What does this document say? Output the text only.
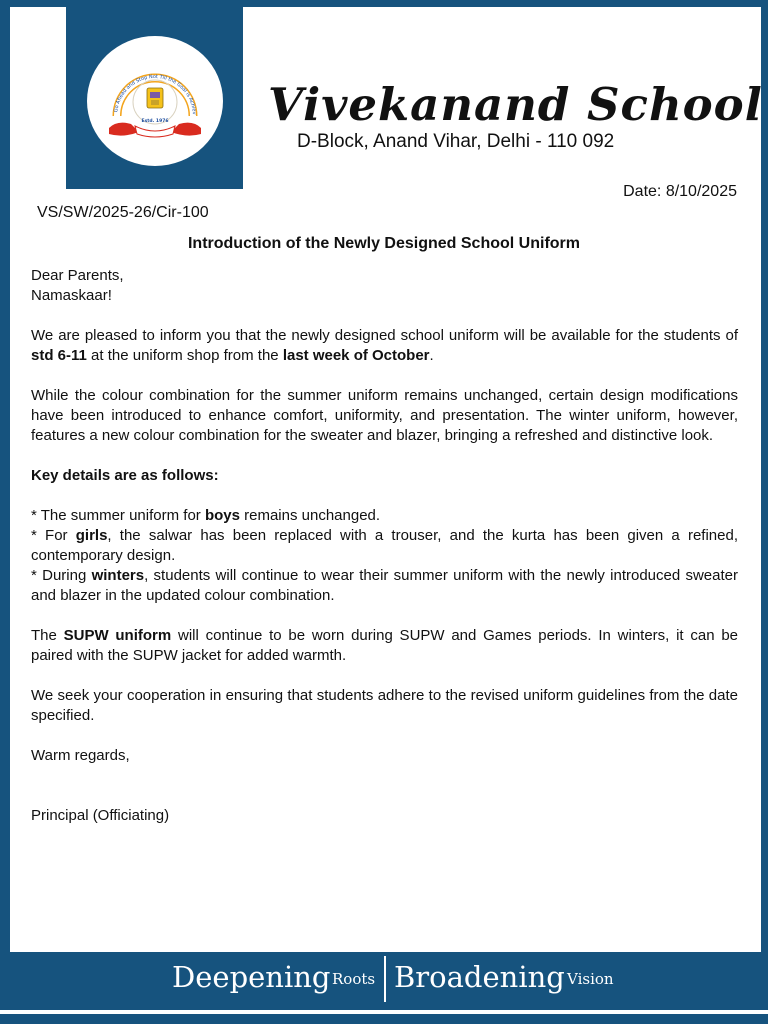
Go Ahead and Stop Not Till the Goal is Achiev
Estd. 1976 Vivekanand School
D-Block, Anand Vihar, Delhi - 110 092
Date: 8/10/2025
VS/SW/2025-26/Cir-100
Introduction of the Newly Designed School Uniform

Dear Parents,

Namaskaar!

We are pleased to inform you that the newly designed school uniform will be available for the students of std 6-11 at the uniform shop from the last week of October.

While the colour combination for the summer uniform remains unchanged, certain design modifications have been introduced to enhance comfort, uniformity, and presentation. The winter uniform, however, features a new colour combination for the sweater and blazer, bringing a refreshed and distinctive look.

Key details are as follows:

* The summer uniform for boys remains unchanged.

* For girls, the salwar has been replaced with a trouser, and the kurta has been given a refined, contemporary design.

* During winters, students will continue to wear their summer uniform with the newly introduced sweater and blazer in the updated colour combination.

The SUPW uniform will continue to be worn during SUPW and Games periods. In winters, it can be paired with the SUPW jacket for added warmth.

We seek your cooperation in ensuring that students adhere to the revised uniform guidelines from the date specified.

Warm regards,

Principal (Officiating)

Deepening Roots Broadening Vision
